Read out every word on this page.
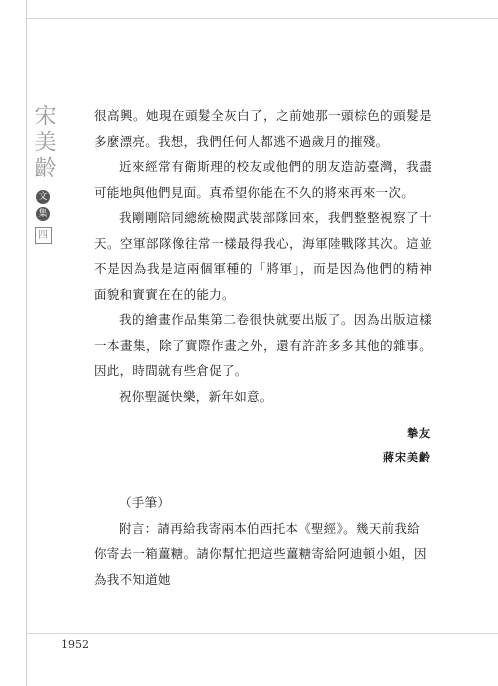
宋美齡
文
集
四

很高興。她現在頭髮全灰白了，之前她那一頭棕色的頭髮是多麼漂亮。我想，我們任何人都逃不過歲月的摧殘。

近來經常有衛斯理的校友或他們的朋友造訪臺灣，我盡可能地與他們見面。真希望你能在不久的將來再來一次。

我剛剛陪同總統檢閱武裝部隊回來，我們整整視察了十天。空軍部隊像往常一樣最得我心，海軍陸戰隊其次。這並不是因為我是這兩個軍種的「將軍」，而是因為他們的精神面貌和實實在在的能力。

我的繪畫作品集第二卷很快就要出版了。因為出版這樣一本畫集，除了實際作畫之外，還有許許多多其他的雜事。因此，時間就有些倉促了。

祝你聖誕快樂，新年如意。

摯友
蔣宋美齡

（手筆）

附言：請再給我寄兩本伯西托本《聖經》。幾天前我給你寄去一箱薑糖。請你幫忙把這些薑糖寄給阿迪頓小姐，因為我不知道她

1952
